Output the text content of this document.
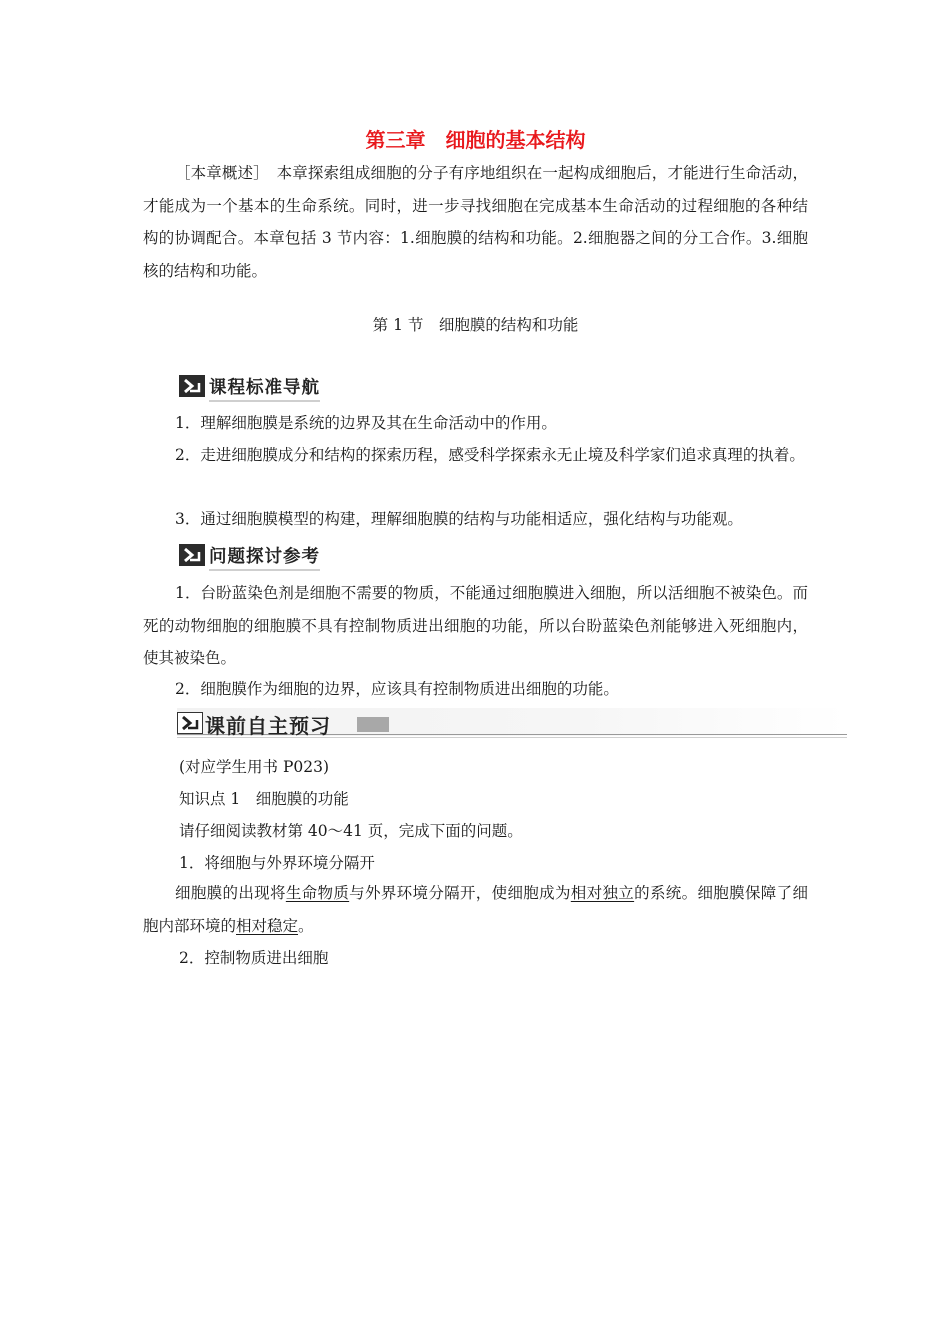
第三章　细胞的基本结构
［本章概述］　本章探索组成细胞的分子有序地组织在一起构成细胞后，才能进行生命活动，才能成为一个基本的生命系统。同时，进一步寻找细胞在完成基本生命活动的过程细胞的各种结构的协调配合。本章包括 3 节内容：1.细胞膜的结构和功能。2.细胞器之间的分工合作。3.细胞核的结构和功能。
第 1 节　细胞膜的结构和功能
课程标准导航
1．理解细胞膜是系统的边界及其在生命活动中的作用。
2．走进细胞膜成分和结构的探索历程，感受科学探索永无止境及科学家们追求真理的执着。
3．通过细胞膜模型的构建，理解细胞膜的结构与功能相适应，强化结构与功能观。
问题探讨参考
1．台盼蓝染色剂是细胞不需要的物质，不能通过细胞膜进入细胞，所以活细胞不被染色。而死的动物细胞的细胞膜不具有控制物质进出细胞的功能，所以台盼蓝染色剂能够进入死细胞内，使其被染色。
2．细胞膜作为细胞的边界，应该具有控制物质进出细胞的功能。
课前自主预习
(对应学生用书 P023)
知识点 1　细胞膜的功能
请仔细阅读教材第 40～41 页，完成下面的问题。
1．将细胞与外界环境分隔开
细胞膜的出现将生命物质与外界环境分隔开，使细胞成为相对独立的系统。细胞膜保障了细胞内部环境的相对稳定。
2．控制物质进出细胞
